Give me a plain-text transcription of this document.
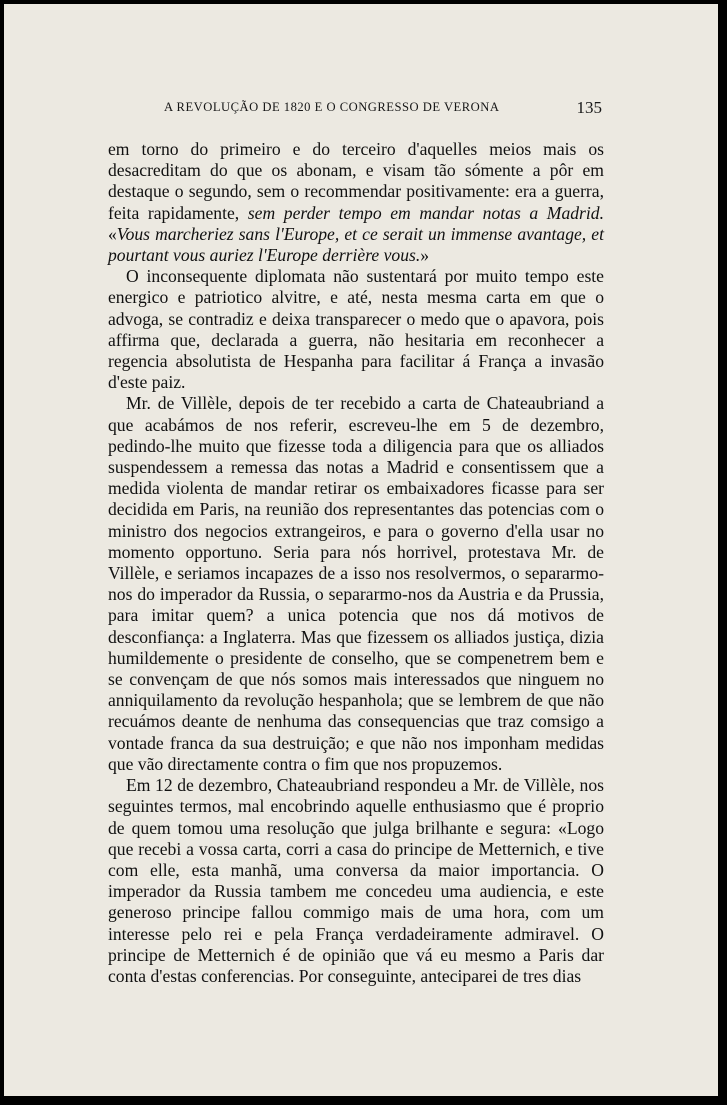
A REVOLUÇÃO DE 1820 E O CONGRESSO DE VERONA	135

em torno do primeiro e do terceiro d'aquelles meios mais os desacreditam do que os abonam, e visam tão sómente a pôr em destaque o segundo, sem o recommendar positivamente: era a guerra, feita rapidamente, sem perder tempo em mandar notas a Madrid. «Vous marcheriez sans l'Europe, et ce serait un immense avantage, et pourtant vous auriez l'Europe derrière vous.»

O inconsequente diplomata não sustentará por muito tempo este energico e patriotico alvitre, e até, nesta mesma carta em que o advoga, se contradiz e deixa transparecer o medo que o apavora, pois affirma que, declarada a guerra, não hesitaria em reconhecer a regencia absolutista de Hespanha para facilitar á França a invasão d'este paiz.

Mr. de Villèle, depois de ter recebido a carta de Chateaubriand a que acabámos de nos referir, escreveu-lhe em 5 de dezembro, pedindo-lhe muito que fizesse toda a diligencia para que os alliados suspendessem a remessa das notas a Madrid e consentissem que a medida violenta de mandar retirar os embaixadores ficasse para ser decidida em Paris, na reunião dos representantes das potencias com o ministro dos negocios extrangeiros, e para o governo d'ella usar no momento opportuno. Seria para nós horrivel, protestava Mr. de Villèle, e seriamos incapazes de a isso nos resolvermos, o separarmo-nos do imperador da Russia, o separarmo-nos da Austria e da Prussia, para imitar quem? a unica potencia que nos dá motivos de desconfiança: a Inglaterra. Mas que fizessem os alliados justiça, dizia humildemente o presidente de conselho, que se compenetrem bem e se convençam de que nós somos mais interessados que ninguem no anniquilamento da revolução hespanhola; que se lembrem de que não recuámos deante de nenhuma das consequencias que traz comsigo a vontade franca da sua destruição; e que não nos imponham medidas que vão directamente contra o fim que nos propuzemos.

Em 12 de dezembro, Chateaubriand respondeu a Mr. de Villèle, nos seguintes termos, mal encobrindo aquelle enthusiasmo que é proprio de quem tomou uma resolução que julga brilhante e segura: «Logo que recebi a vossa carta, corri a casa do principe de Metternich, e tive com elle, esta manhã, uma conversa da maior importancia. O imperador da Russia tambem me concedeu uma audiencia, e este generoso principe fallou commigo mais de uma hora, com um interesse pelo rei e pela França verdadeiramente admiravel. O principe de Metternich é de opinião que vá eu mesmo a Paris dar conta d'estas conferencias. Por conseguinte, anteciparei de tres dias
